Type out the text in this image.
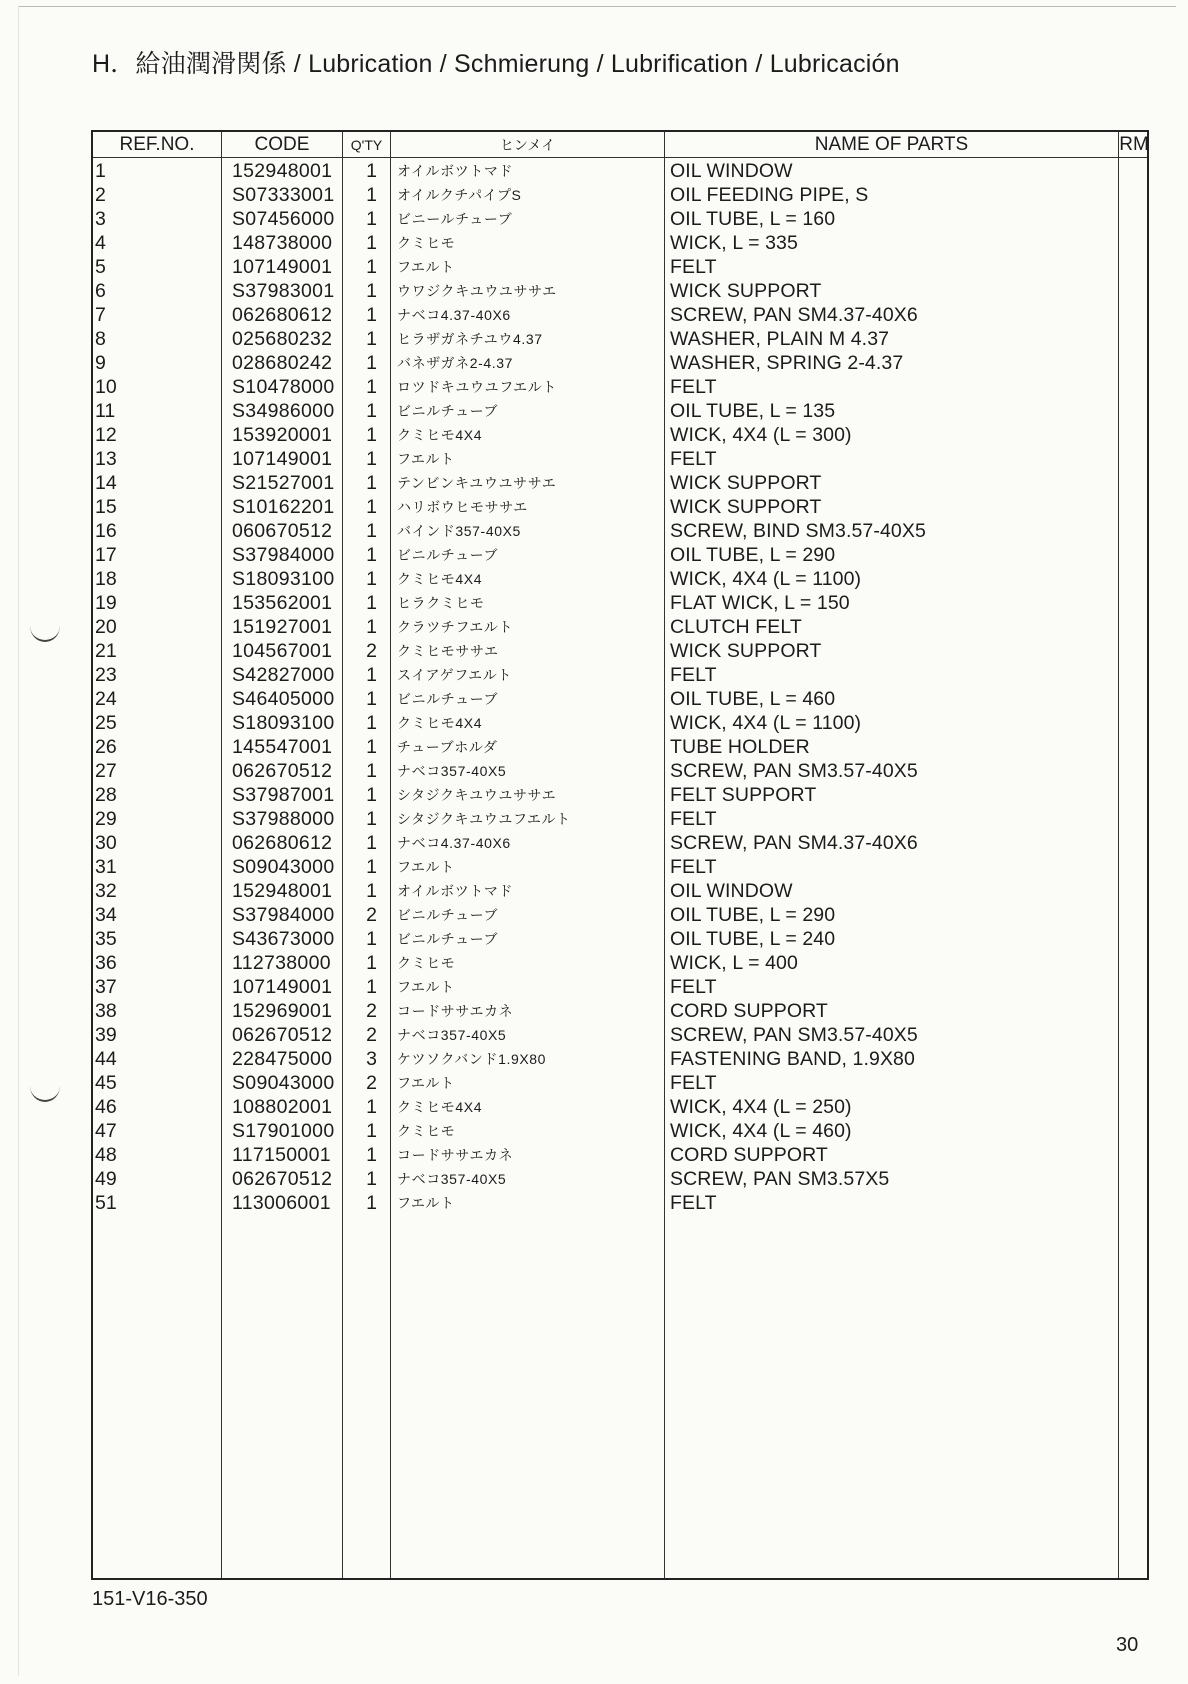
H．給油潤滑関係 / Lubrication / Schmierung / Lubrification / Lubricación
REF.NO.	CODE	Q'TY	ヒンメイ	NAME OF PARTS	RM
1	152948001	1 オイルボツトマド	OIL WINDOW
2	S07333001	1 オイルクチパイプS	OIL FEEDING PIPE, S
3	S07456000	1 ビニールチューブ	OIL TUBE, L = 160
4	148738000	1 クミヒモ	WICK, L = 335
5	107149001	1 フエルト	FELT
6	S37983001	1 ウワジクキユウユササエ	WICK SUPPORT
7	062680612	1 ナベコ4.37-40X6	SCREW, PAN SM4.37-40X6
8	025680232	1 ヒラザガネチユウ4.37	WASHER, PLAIN M 4.37
9	028680242	1 バネザガネ2-4.37	WASHER, SPRING 2-4.37
10	S10478000	1 ロツドキユウユフエルト	FELT
11	S34986000	1 ビニルチューブ	OIL TUBE, L = 135
12	153920001	1 クミヒモ4X4	WICK, 4X4 (L = 300)
13	107149001	1 フエルト	FELT
14	S21527001	1 テンビンキユウユササエ	WICK SUPPORT
15	S10162201	1 ハリボウヒモササエ	WICK SUPPORT
16	060670512	1 バインド357-40X5	SCREW, BIND SM3.57-40X5
17	S37984000	1 ビニルチューブ	OIL TUBE, L = 290
18	S18093100	1 クミヒモ4X4	WICK, 4X4 (L = 1100)
19	153562001	1 ヒラクミヒモ	FLAT WICK, L = 150
20	151927001	1 クラツチフエルト	CLUTCH FELT
21	104567001	2 クミヒモササエ	WICK SUPPORT
23	S42827000	1 スイアゲフエルト	FELT
24	S46405000	1 ビニルチューブ	OIL TUBE, L = 460
25	S18093100	1 クミヒモ4X4	WICK, 4X4 (L = 1100)
26	145547001	1 チューブホルダ	TUBE HOLDER
27	062670512	1 ナベコ357-40X5	SCREW, PAN SM3.57-40X5
28	S37987001	1 シタジクキユウユササエ	FELT SUPPORT
29	S37988000	1 シタジクキユウユフエルト	FELT
30	062680612	1 ナベコ4.37-40X6	SCREW, PAN SM4.37-40X6
31	S09043000	1 フエルト	FELT
32	152948001	1 オイルボツトマド	OIL WINDOW
34	S37984000	2 ビニルチューブ	OIL TUBE, L = 290
35	S43673000	1 ビニルチューブ	OIL TUBE, L = 240
36	112738000	1 クミヒモ	WICK, L = 400
37	107149001	1 フエルト	FELT
38	152969001	2 コードササエカネ	CORD SUPPORT
39	062670512	2 ナベコ357-40X5	SCREW, PAN SM3.57-40X5
44	228475000	3 ケツソクバンド1.9X80	FASTENING BAND, 1.9X80
45	S09043000	2 フエルト	FELT
46	108802001	1 クミヒモ4X4	WICK, 4X4 (L = 250)
47	S17901000	1 クミヒモ	WICK, 4X4 (L = 460)
48	117150001	1 コードササエカネ	CORD SUPPORT
49	062670512	1 ナベコ357-40X5	SCREW, PAN SM3.57X5
51	113006001	1 フエルト	FELT
151-V16-350
30
